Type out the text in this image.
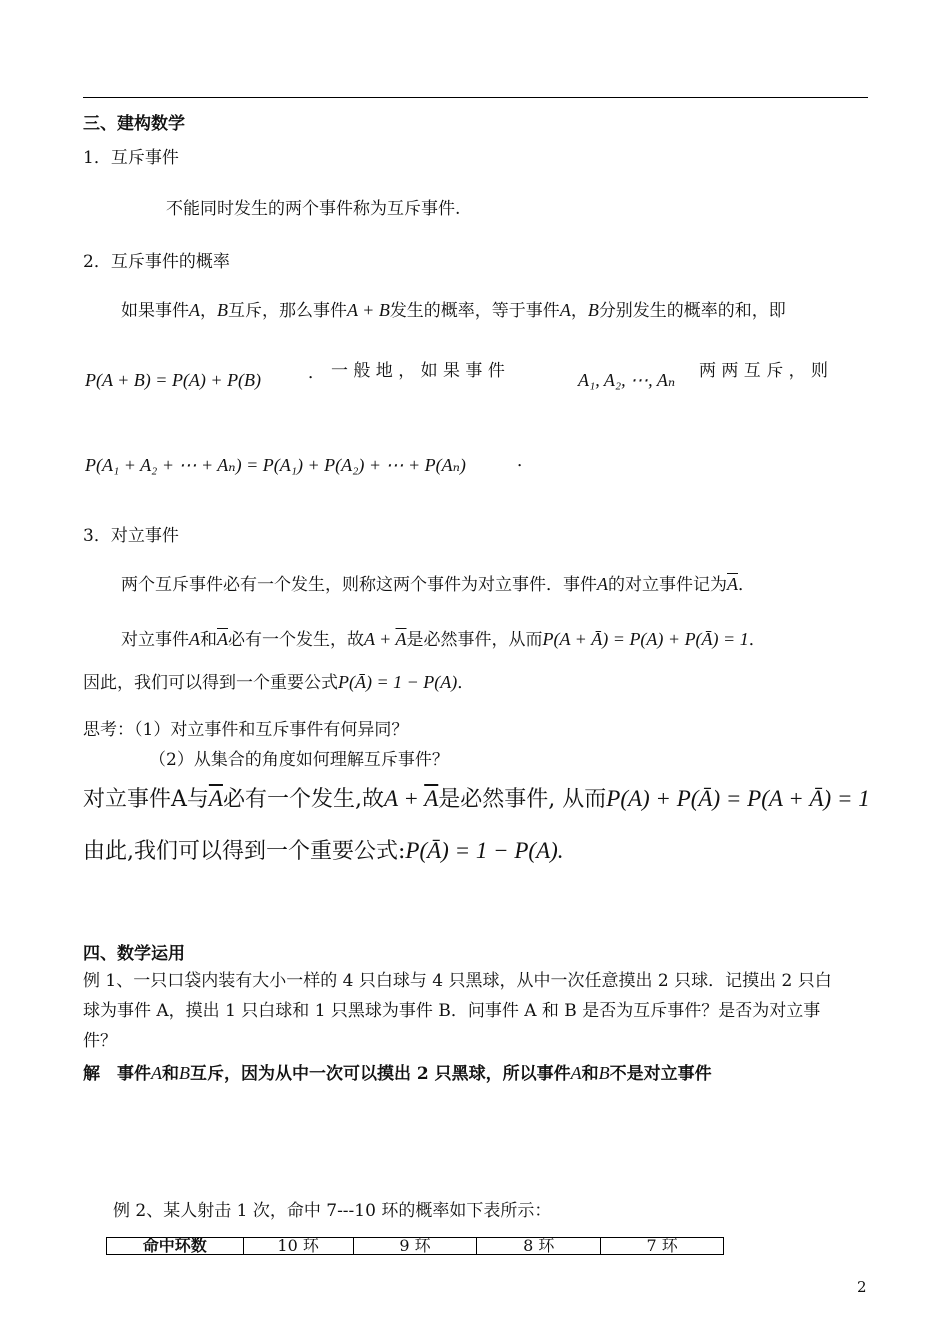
三、建构数学
1．互斥事件
不能同时发生的两个事件称为互斥事件.
2．互斥事件的概率
如果事件A，B互斥，那么事件A + B发生的概率，等于事件A，B分别发生的概率的和，即
P(A + B) = P(A) + P(B)	． 一 般 地 ， 如 果 事 件	A₁, A₂, ⋯, Aₙ 两 两 互 斥 ， 则
P(A₁ + A₂ + ⋯ + Aₙ) = P(A₁) + P(A₂) + ⋯ + P(Aₙ)	．
3．对立事件
两个互斥事件必有一个发生，则称这两个事件为对立事件．事件A的对立事件记为$\overline{A}$．
对立事件A和$\overline{A}$必有一个发生，故$A + \overline{A}$是必然事件，从而P(A + Ā) = P(A) + P(Ā) = 1．
因此，我们可以得到一个重要公式P(Ā) = 1 − P(A)．
思考：（1）对立事件和互斥事件有何异同？
（2）从集合的角度如何理解互斥事件？
对立事件A与$\overline{A}$必有一个发生,故$A + \overline{A}$是必然事件, 从而P(A) + P(Ā) = P(A + Ā) = 1
由此,我们可以得到一个重要公式:P(Ā) = 1 − P(A).
四、数学运用
例 1、一只口袋内装有大小一样的 4 只白球与 4 只黑球，从中一次任意摸出 2 只球．记摸出 2 只白
球为事件 A，摸出 1 只白球和 1 只黑球为事件 B．问事件 A 和 B 是否为互斥事件？是否为对立事
件？
解　事件A和B互斥，因为从中一次可以摸出 2 只黑球，所以事件A和B不是对立事件
例 2、某人射击 1 次，命中 7---10 环的概率如下表所示：
命中环数	10 环	9 环	8 环	7 环
2
